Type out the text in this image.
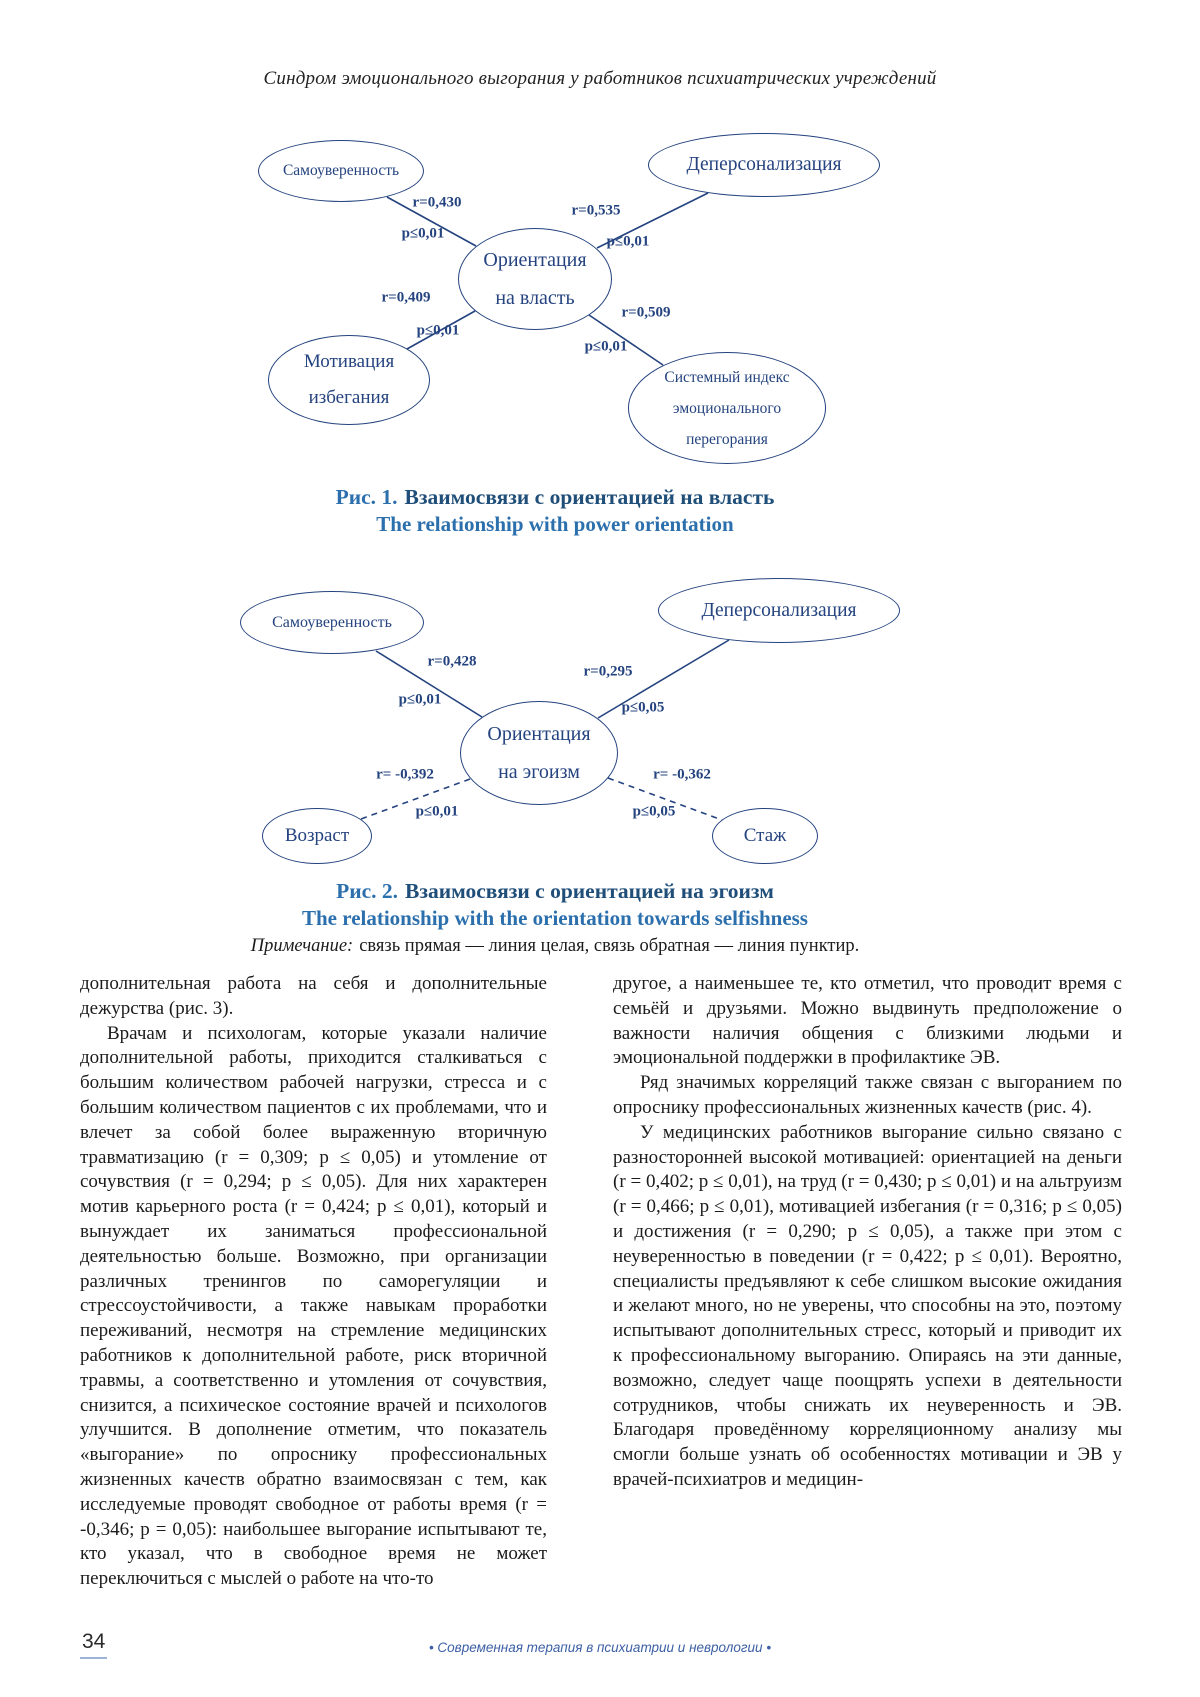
Синдром эмоционального выгорания у работников психиатрических учреждений
Самоуверенность	Деперсонализация
Ориентация
на власть
Мотивация
избегания
Системный индекс
эмоционального
перегорания
r=0,430
p≤0,01
r=0,535
p≤0,01
r=0,409
p≤0,01
r=0,509
p≤0,01
Рис. 1. Взаимосвязи с ориентацией на власть
The relationship with power orientation
Самоуверенность
Деперсонализация
Ориентация
на эгоизм
Возраст	Стаж
r=0,428
p≤0,01
r=0,295
p≤0,05
r= -0,392
p≤0,01
r= -0,362
p≤0,05
Рис. 2. Взаимосвязи с ориентацией на эгоизм
The relationship with the orientation towards selfishness
Примечание: связь прямая — линия целая, связь обратная — линия пунктир.

дополнительная работа на себя и дополнительные дежурства (рис. 3).

Врачам и психологам, которые указали наличие дополнительной работы, приходится сталкиваться с большим количеством рабочей нагрузки, стресса и с большим количеством пациентов с их проблемами, что и влечет за собой более выраженную вторичную травматизацию (r = 0,309; p ≤ 0,05) и утомление от сочувствия (r = 0,294; p ≤ 0,05). Для них характерен мотив карьерного роста (r = 0,424; p ≤ 0,01), который и вынуждает их заниматься профессиональной деятельностью больше. Возможно, при организации различных тренингов по саморегуляции и стрессоустойчивости, а также навыкам проработки переживаний, несмотря на стремление медицинских работников к дополнительной работе, риск вторичной травмы, а соответственно и утомления от сочувствия, снизится, а психическое состояние врачей и психологов улучшится. В дополнение отметим, что показатель «выгорание» по опроснику профессиональных жизненных качеств обратно взаимосвязан с тем, как исследуемые проводят свободное от работы время (r = -0,346; p = 0,05): наибольшее выгорание испытывают те, кто указал, что в свободное время не может переключиться с мыслей о работе на что-то

другое, а наименьшее те, кто отметил, что проводит время с семьёй и друзьями. Можно выдвинуть предположение о важности наличия общения с близкими людьми и эмоциональной поддержки в профилактике ЭВ.

Ряд значимых корреляций также связан с выгоранием по опроснику профессиональных жизненных качеств (рис. 4).

У медицинских работников выгорание сильно связано с разносторонней высокой мотивацией: ориентацией на деньги (r = 0,402; p ≤ 0,01), на труд (r = 0,430; p ≤ 0,01) и на альтруизм (r = 0,466; p ≤ 0,01), мотивацией избегания (r = 0,316; p ≤ 0,05) и достижения (r = 0,290; p ≤ 0,05), а также при этом с неуверенностью в поведении (r = 0,422; p ≤ 0,01). Вероятно, специалисты предъявляют к себе слишком высокие ожидания и желают много, но не уверены, что способны на это, поэтому испытывают дополнительных стресс, который и приводит их к профессиональному выгоранию. Опираясь на эти данные, возможно, следует чаще поощрять успехи в деятельности сотрудников, чтобы снижать их неуверенность и ЭВ. Благодаря проведённому корреляционному анализу мы смогли больше узнать об особенностях мотивации и ЭВ у врачей-психиатров и медицин-

34	• Современная терапия в психиатрии и неврологии •
